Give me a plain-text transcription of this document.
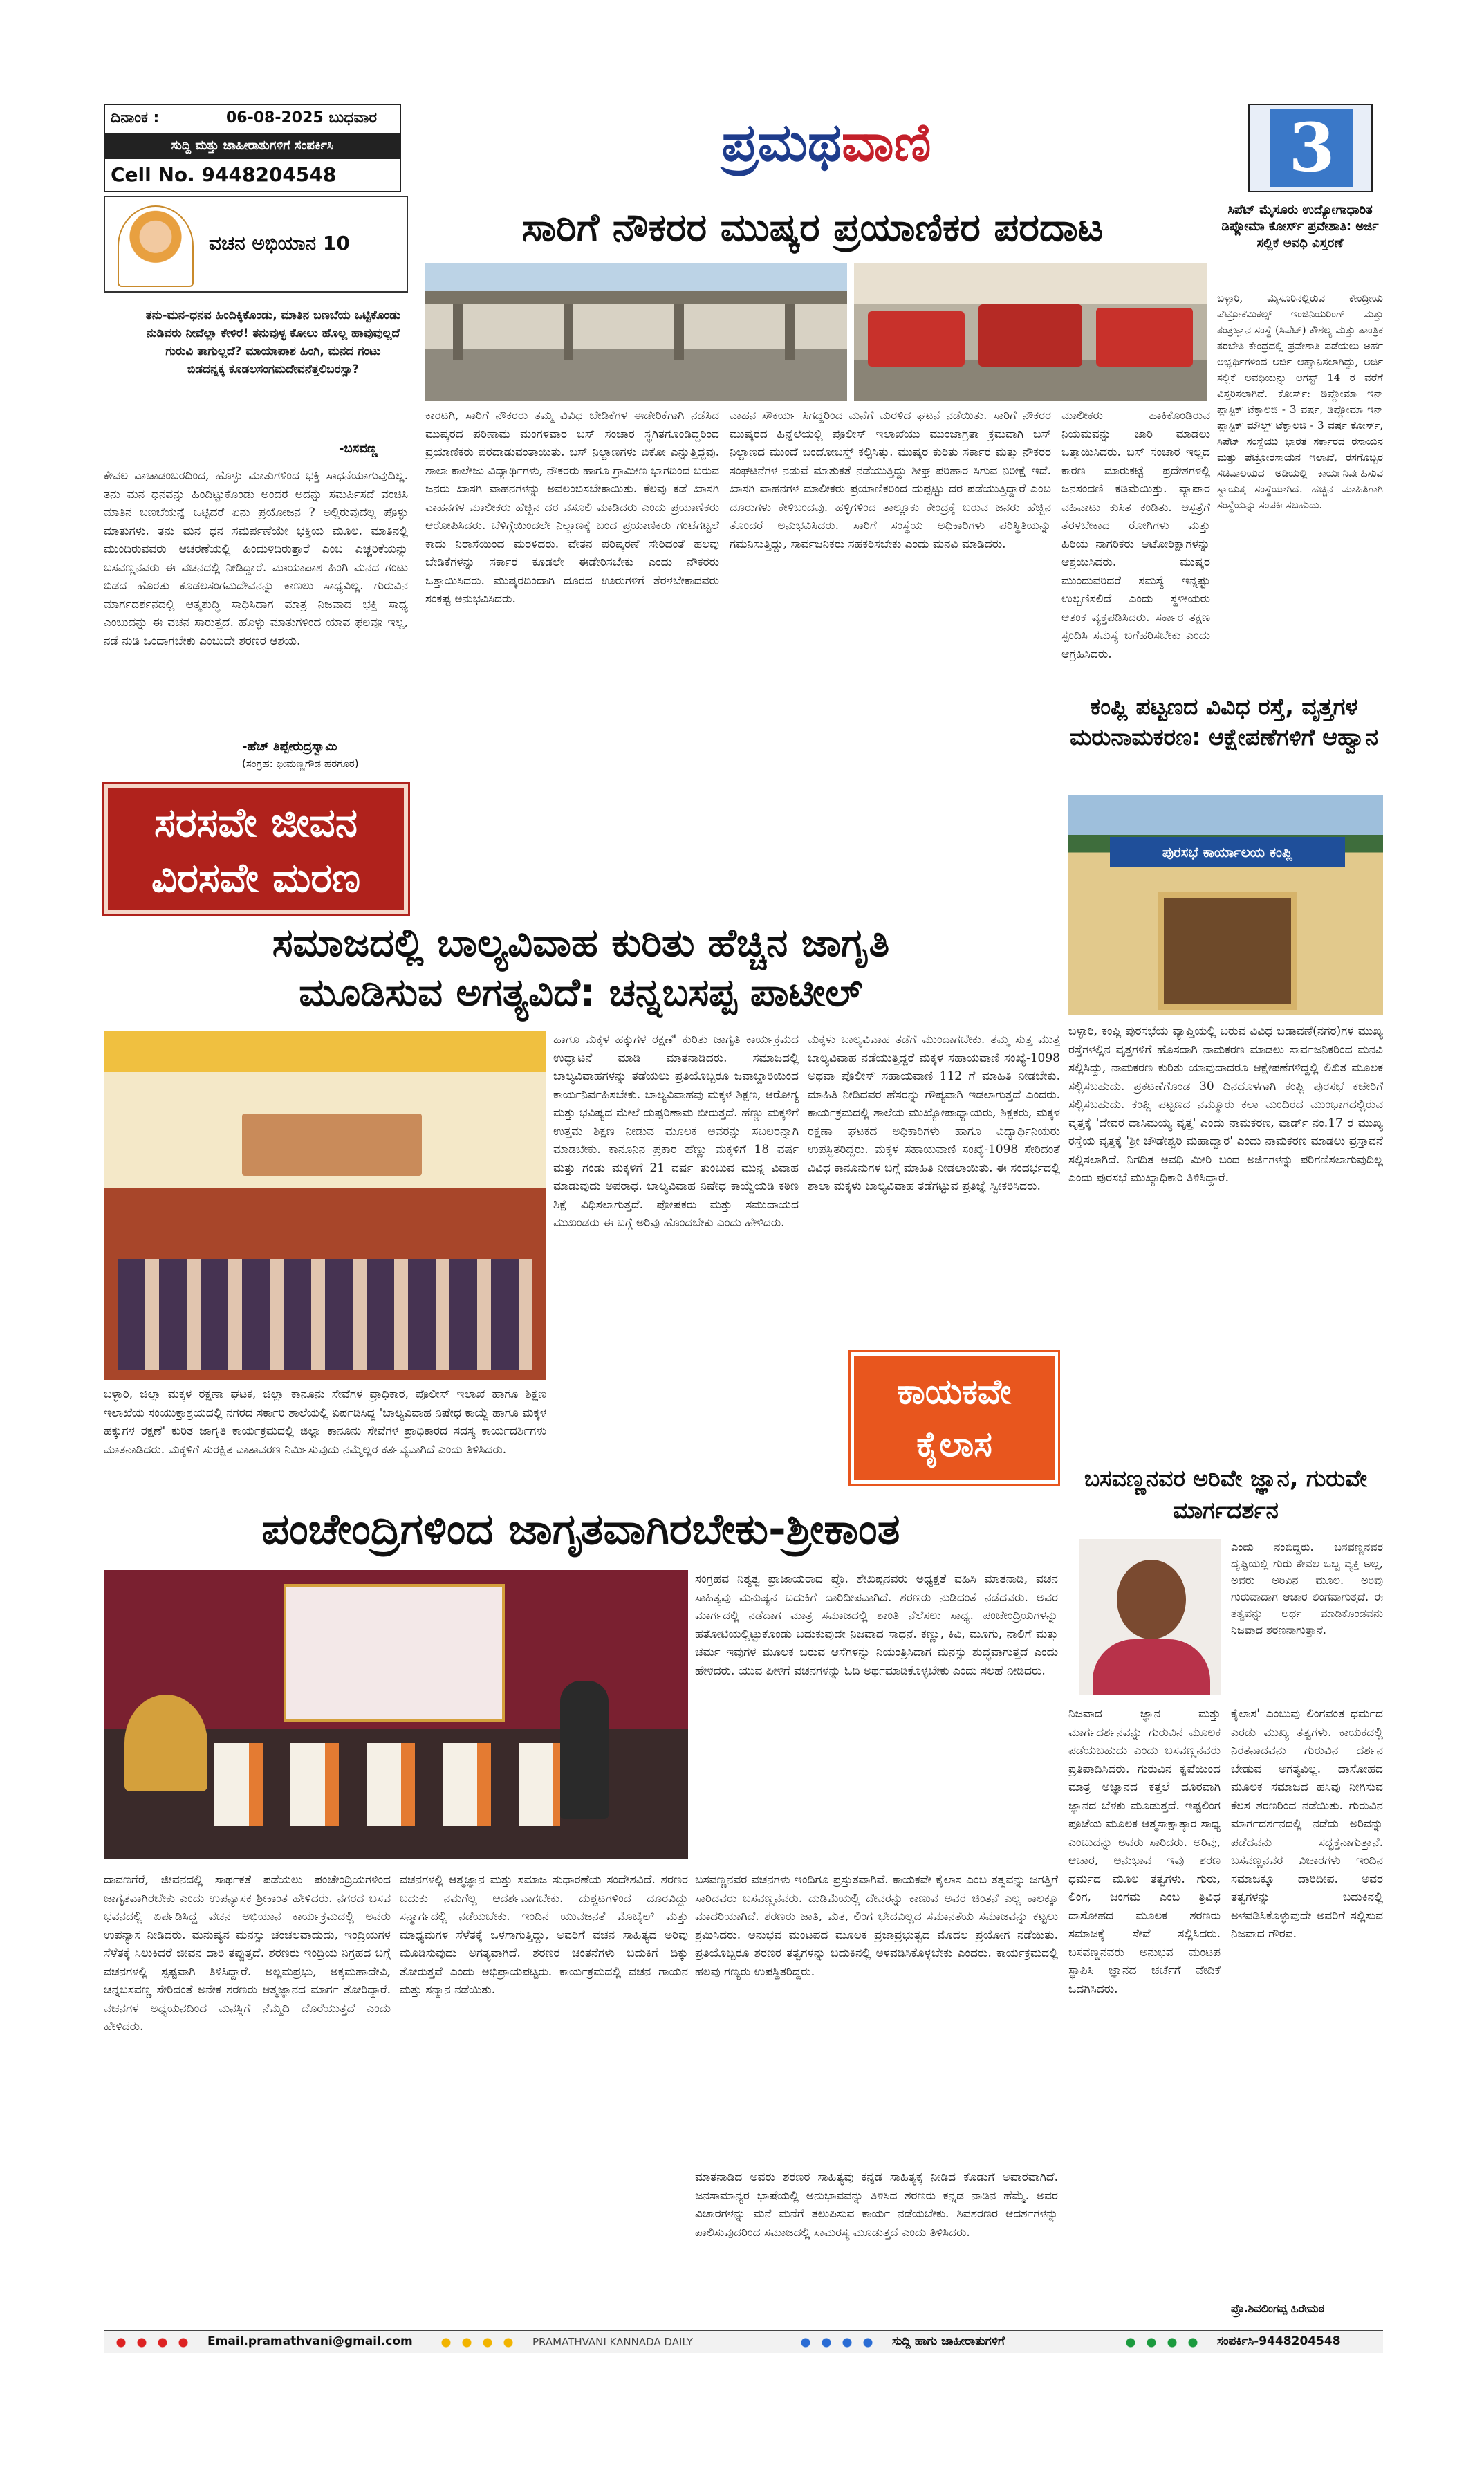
ದಿನಾಂಕ :	06-08-2025 ಬುಧವಾರ
ಸುದ್ದಿ ಮತ್ತು ಜಾಹೀರಾತುಗಳಿಗೆ ಸಂಪರ್ಕಿಸಿ
Cell No. 9448204548
ಪ್ರಮಥವಾಣಿ	3
ವಚನ ಅಭಿಯಾನ 10
ತನು-ಮನ-ಧನವ ಹಿಂದಿಕ್ಕಿಕೊಂಡು, ಮಾತಿನ ಬಣಬೆಯ ಒಟ್ಟಿಕೊಂಡು ನುಡಿವರು ನೀವೆಲ್ಲಾ ಕೇಳಿರೆ! ತನುವುಳ್ಳ ಕೋಲು ಹೊಲ್ಲ ಹಾವುವುಲ್ಲದೆ ಗುರುವಿ ತಾಗುಲ್ಲದೆ? ಮಾಯಾಪಾಶ ಹಿಂಗಿ, ಮನದ ಗಂಟು ಬಿಡದನ್ನಕ್ಕ ಕೂಡಲಸಂಗಮದೇವನೆತ್ತಲಿಬರಸ್ಸಾ?
-ಬಸವಣ್ಣ
ಕೇವಲ ವಾಚಾಡಂಬರದಿಂದ, ಹೊಳ್ಳು ಮಾತುಗಳಿಂದ ಭಕ್ತಿ ಸಾಧನೆಯಾಗುವುದಿಲ್ಲ. ತನು ಮನ ಧನವನ್ನು ಹಿಂದಿಟ್ಟುಕೊಂಡು ಅಂದರೆ ಅದನ್ನು ಸಮರ್ಪಿಸದೆ ವಂಚಿಸಿ ಮಾತಿನ ಬಣಬೆಯನ್ನೆ ಒಟ್ಟಿದರೆ ಏನು ಪ್ರಯೋಜನ ? ಅಲ್ಲಿರುವುದೆಲ್ಲ ಪೊಳ್ಳು ಮಾತುಗಳು. ತನು ಮನ ಧನ ಸಮರ್ಪಣೆಯೇ ಭಕ್ತಿಯ ಮೂಲ. ಮಾತಿನಲ್ಲಿ ಮುಂದಿರುವವರು ಆಚರಣೆಯಲ್ಲಿ ಹಿಂದುಳಿದಿರುತ್ತಾರೆ ಎಂಬ ಎಚ್ಚರಿಕೆಯನ್ನು ಬಸವಣ್ಣನವರು ಈ ವಚನದಲ್ಲಿ ನೀಡಿದ್ದಾರೆ. ಮಾಯಾಪಾಶ ಹಿಂಗಿ ಮನದ ಗಂಟು ಬಿಡದ ಹೊರತು ಕೂಡಲಸಂಗಮದೇವನನ್ನು ಕಾಣಲು ಸಾಧ್ಯವಿಲ್ಲ. ಗುರುವಿನ ಮಾರ್ಗದರ್ಶನದಲ್ಲಿ ಆತ್ಮಶುದ್ಧಿ ಸಾಧಿಸಿದಾಗ ಮಾತ್ರ ನಿಜವಾದ ಭಕ್ತಿ ಸಾಧ್ಯ ಎಂಬುದನ್ನು ಈ ವಚನ ಸಾರುತ್ತದೆ. ಹೊಳ್ಳು ಮಾತುಗಳಿಂದ ಯಾವ ಫಲವೂ ಇಲ್ಲ, ನಡೆ ನುಡಿ ಒಂದಾಗಬೇಕು ಎಂಬುದೇ ಶರಣರ ಆಶಯ.
-ಹೆಚ್ ತಿಪ್ಪೇರುದ್ರಸ್ವಾಮಿ
(ಸಂಗ್ರಹ: ಭೀಮಣ್ಣಗೌಡ ಹರಗೂರ)
ಸರಸವೇ ಜೀವನ
ವಿರಸವೇ ಮರಣ
ಸಾರಿಗೆ ನೌಕರರ ಮುಷ್ಕರ ಪ್ರಯಾಣಿಕರ ಪರದಾಟ
ಕಾರಟಗಿ, ಸಾರಿಗೆ ನೌಕರರು ತಮ್ಮ ವಿವಿಧ ಬೇಡಿಕೆಗಳ ಈಡೇರಿಕೆಗಾಗಿ ನಡೆಸಿದ ಮುಷ್ಕರದ ಪರಿಣಾಮ ಮಂಗಳವಾರ ಬಸ್ ಸಂಚಾರ ಸ್ಥಗಿತಗೊಂಡಿದ್ದರಿಂದ ಪ್ರಯಾಣಿಕರು ಪರದಾಡುವಂತಾಯಿತು. ಬಸ್ ನಿಲ್ದಾಣಗಳು ಬಿಕೋ ಎನ್ನುತ್ತಿದ್ದವು. ಶಾಲಾ ಕಾಲೇಜು ವಿದ್ಯಾರ್ಥಿಗಳು, ನೌಕರರು ಹಾಗೂ ಗ್ರಾಮೀಣ ಭಾಗದಿಂದ ಬರುವ ಜನರು ಖಾಸಗಿ ವಾಹನಗಳನ್ನು ಅವಲಂಬಿಸಬೇಕಾಯಿತು. ಕೆಲವು ಕಡೆ ಖಾಸಗಿ ವಾಹನಗಳ ಮಾಲೀಕರು ಹೆಚ್ಚಿನ ದರ ವಸೂಲಿ ಮಾಡಿದರು ಎಂದು ಪ್ರಯಾಣಿಕರು ಆರೋಪಿಸಿದರು. ಬೆಳಿಗ್ಗೆಯಿಂದಲೇ ನಿಲ್ದಾಣಕ್ಕೆ ಬಂದ ಪ್ರಯಾಣಿಕರು ಗಂಟೆಗಟ್ಟಲೆ ಕಾದು ನಿರಾಸೆಯಿಂದ ಮರಳಿದರು. ವೇತನ ಪರಿಷ್ಕರಣೆ ಸೇರಿದಂತೆ ಹಲವು ಬೇಡಿಕೆಗಳನ್ನು ಸರ್ಕಾರ ಕೂಡಲೇ ಈಡೇರಿಸಬೇಕು ಎಂದು ನೌಕರರು ಒತ್ತಾಯಿಸಿದರು. ಮುಷ್ಕರದಿಂದಾಗಿ ದೂರದ ಊರುಗಳಿಗೆ ತೆರಳಬೇಕಾದವರು ಸಂಕಷ್ಟ ಅನುಭವಿಸಿದರು.
ವಾಹನ ಸೌಕರ್ಯ ಸಿಗದ್ದರಿಂದ ಮನೆಗೆ ಮರಳಿದ ಘಟನೆ ನಡೆಯಿತು. ಸಾರಿಗೆ ನೌಕರರ ಮುಷ್ಕರದ ಹಿನ್ನೆಲೆಯಲ್ಲಿ ಪೊಲೀಸ್ ಇಲಾಖೆಯು ಮುಂಜಾಗ್ರತಾ ಕ್ರಮವಾಗಿ ಬಸ್ ನಿಲ್ದಾಣದ ಮುಂದೆ ಬಂದೋಬಸ್ತ್ ಕಲ್ಪಿಸಿತ್ತು. ಮುಷ್ಕರ ಕುರಿತು ಸರ್ಕಾರ ಮತ್ತು ನೌಕರರ ಸಂಘಟನೆಗಳ ನಡುವೆ ಮಾತುಕತೆ ನಡೆಯುತ್ತಿದ್ದು ಶೀಘ್ರ ಪರಿಹಾರ ಸಿಗುವ ನಿರೀಕ್ಷೆ ಇದೆ. ಖಾಸಗಿ ವಾಹನಗಳ ಮಾಲೀಕರು ಪ್ರಯಾಣಿಕರಿಂದ ದುಪ್ಪಟ್ಟು ದರ ಪಡೆಯುತ್ತಿದ್ದಾರೆ ಎಂಬ ದೂರುಗಳು ಕೇಳಿಬಂದವು. ಹಳ್ಳಿಗಳಿಂದ ತಾಲ್ಲೂಕು ಕೇಂದ್ರಕ್ಕೆ ಬರುವ ಜನರು ಹೆಚ್ಚಿನ ತೊಂದರೆ ಅನುಭವಿಸಿದರು. ಸಾರಿಗೆ ಸಂಸ್ಥೆಯ ಅಧಿಕಾರಿಗಳು ಪರಿಸ್ಥಿತಿಯನ್ನು ಗಮನಿಸುತ್ತಿದ್ದು, ಸಾರ್ವಜನಿಕರು ಸಹಕರಿಸಬೇಕು ಎಂದು ಮನವಿ ಮಾಡಿದರು.
ಮಾಲೀಕರು ಹಾಕಿಕೊಂಡಿರುವ ನಿಯಮವನ್ನು ಜಾರಿ ಮಾಡಲು ಒತ್ತಾಯಿಸಿದರು. ಬಸ್ ಸಂಚಾರ ಇಲ್ಲದ ಕಾರಣ ಮಾರುಕಟ್ಟೆ ಪ್ರದೇಶಗಳಲ್ಲಿ ಜನಸಂದಣಿ ಕಡಿಮೆಯಿತ್ತು. ವ್ಯಾಪಾರ ವಹಿವಾಟು ಕುಸಿತ ಕಂಡಿತು. ಆಸ್ಪತ್ರೆಗೆ ತೆರಳಬೇಕಾದ ರೋಗಿಗಳು ಮತ್ತು ಹಿರಿಯ ನಾಗರಿಕರು ಆಟೋರಿಕ್ಷಾಗಳನ್ನು ಆಶ್ರಯಿಸಿದರು. ಮುಷ್ಕರ ಮುಂದುವರಿದರೆ ಸಮಸ್ಯೆ ಇನ್ನಷ್ಟು ಉಲ್ಬಣಿಸಲಿದೆ ಎಂದು ಸ್ಥಳೀಯರು ಆತಂಕ ವ್ಯಕ್ತಪಡಿಸಿದರು. ಸರ್ಕಾರ ತಕ್ಷಣ ಸ್ಪಂದಿಸಿ ಸಮಸ್ಯೆ ಬಗೆಹರಿಸಬೇಕು ಎಂದು ಆಗ್ರಹಿಸಿದರು.
ಸಿಪೆಟ್ ಮೈಸೂರು ಉದ್ಯೋಗಾಧಾರಿತ ಡಿಪ್ಲೋಮಾ ಕೋರ್ಸ್ ಪ್ರವೇಶಾತಿ: ಅರ್ಜಿ ಸಲ್ಲಿಕೆ ಅವಧಿ ವಿಸ್ತರಣೆ
ಬಳ್ಳಾರಿ, ಮೈಸೂರಿನಲ್ಲಿರುವ ಕೇಂದ್ರೀಯ ಪೆಟ್ರೋಕೆಮಿಕಲ್ಸ್ ಇಂಜಿನಿಯರಿಂಗ್ ಮತ್ತು ತಂತ್ರಜ್ಞಾನ ಸಂಸ್ಥೆ (ಸಿಪೆಟ್) ಕೌಶಲ್ಯ ಮತ್ತು ತಾಂತ್ರಿಕ ತರಬೇತಿ ಕೇಂದ್ರದಲ್ಲಿ ಪ್ರವೇಶಾತಿ ಪಡೆಯಲು ಅರ್ಹ ಅಭ್ಯರ್ಥಿಗಳಿಂದ ಅರ್ಜಿ ಆಹ್ವಾನಿಸಲಾಗಿದ್ದು, ಅರ್ಜಿ ಸಲ್ಲಿಕೆ ಅವಧಿಯನ್ನು ಆಗಸ್ಟ್ 14 ರ ವರೆಗೆ ವಿಸ್ತರಿಸಲಾಗಿದೆ. ಕೋರ್ಸ್: ಡಿಪ್ಲೋಮಾ ಇನ್ ಪ್ಲಾಸ್ಟಿಕ್ ಟೆಕ್ನಾಲಜಿ - 3 ವರ್ಷ, ಡಿಪ್ಲೋಮಾ ಇನ್ ಪ್ಲಾಸ್ಟಿಕ್ ಮೌಲ್ಡ್ ಟೆಕ್ನಾಲಜಿ - 3 ವರ್ಷ ಕೋರ್ಸ್, ಸಿಪೆಟ್ ಸಂಸ್ಥೆಯು ಭಾರತ ಸರ್ಕಾರದ ರಸಾಯನ ಮತ್ತು ಪೆಟ್ರೋರಸಾಯನ ಇಲಾಖೆ, ರಸಗೊಬ್ಬರ ಸಚಿವಾಲಯದ ಅಡಿಯಲ್ಲಿ ಕಾರ್ಯನಿರ್ವಹಿಸುವ ಸ್ವಾಯತ್ತ ಸಂಸ್ಥೆಯಾಗಿದೆ. ಹೆಚ್ಚಿನ ಮಾಹಿತಿಗಾಗಿ ಸಂಸ್ಥೆಯನ್ನು ಸಂಪರ್ಕಿಸಬಹುದು.
ಕಂಪ್ಲಿ ಪಟ್ಟಣದ ವಿವಿಧ ರಸ್ತೆ, ವೃತ್ತಗಳ ಮರುನಾಮಕರಣ: ಆಕ್ಷೇಪಣೆಗಳಿಗೆ ಆಹ್ವಾನ
ಪುರಸಭೆ ಕಾರ್ಯಾಲಯ ಕಂಪ್ಲಿ
ಬಳ್ಳಾರಿ, ಕಂಪ್ಲಿ ಪುರಸಭೆಯ ವ್ಯಾಪ್ತಿಯಲ್ಲಿ ಬರುವ ವಿವಿಧ ಬಡಾವಣೆ(ನಗರ)ಗಳ ಮುಖ್ಯ ರಸ್ತೆಗಳಲ್ಲಿನ ವೃತ್ತಗಳಿಗೆ ಹೊಸದಾಗಿ ನಾಮಕರಣ ಮಾಡಲು ಸಾರ್ವಜನಿಕರಿಂದ ಮನವಿ ಸಲ್ಲಿಸಿದ್ದು, ನಾಮಕರಣ ಕುರಿತು ಯಾವುದಾದರೂ ಆಕ್ಷೇಪಣೆಗಳಿದ್ದಲ್ಲಿ ಲಿಖಿತ ಮೂಲಕ ಸಲ್ಲಿಸಬಹುದು. ಪ್ರಕಟಣೆಗೊಂಡ 30 ದಿನದೊಳಗಾಗಿ ಕಂಪ್ಲಿ ಪುರಸಭೆ ಕಚೇರಿಗೆ ಸಲ್ಲಿಸಬಹುದು. ಕಂಪ್ಲಿ ಪಟ್ಟಣದ ನಮ್ಮೂರು ಕಲಾ ಮಂದಿರದ ಮುಂಭಾಗದಲ್ಲಿರುವ ವೃತ್ತಕ್ಕೆ 'ದೇವರ ದಾಸಿಮಯ್ಯ ವೃತ್ತ' ಎಂದು ನಾಮಕರಣ, ವಾರ್ಡ್ ನಂ.17 ರ ಮುಖ್ಯ ರಸ್ತೆಯ ವೃತ್ತಕ್ಕೆ 'ಶ್ರೀ ಚೌಡೇಶ್ವರಿ ಮಹಾದ್ವಾರ' ಎಂದು ನಾಮಕರಣ ಮಾಡಲು ಪ್ರಸ್ತಾವನೆ ಸಲ್ಲಿಸಲಾಗಿದೆ. ನಿಗದಿತ ಅವಧಿ ಮೀರಿ ಬಂದ ಅರ್ಜಿಗಳನ್ನು ಪರಿಗಣಿಸಲಾಗುವುದಿಲ್ಲ ಎಂದು ಪುರಸಭೆ ಮುಖ್ಯಾಧಿಕಾರಿ ತಿಳಿಸಿದ್ದಾರೆ.
ಸಮಾಜದಲ್ಲಿ ಬಾಲ್ಯವಿವಾಹ ಕುರಿತು ಹೆಚ್ಚಿನ ಜಾಗೃತಿ
ಮೂಡಿಸುವ ಅಗತ್ಯವಿದೆ: ಚನ್ನಬಸಪ್ಪ ಪಾಟೀಲ್
ಹಾಗೂ ಮಕ್ಕಳ ಹಕ್ಕುಗಳ ರಕ್ಷಣೆ' ಕುರಿತು ಜಾಗೃತಿ ಕಾರ್ಯಕ್ರಮದ ಉದ್ಘಾಟನೆ ಮಾಡಿ ಮಾತನಾಡಿದರು. ಸಮಾಜದಲ್ಲಿ ಬಾಲ್ಯವಿವಾಹಗಳನ್ನು ತಡೆಯಲು ಪ್ರತಿಯೊಬ್ಬರೂ ಜವಾಬ್ದಾರಿಯಿಂದ ಕಾರ್ಯನಿರ್ವಹಿಸಬೇಕು. ಬಾಲ್ಯವಿವಾಹವು ಮಕ್ಕಳ ಶಿಕ್ಷಣ, ಆರೋಗ್ಯ ಮತ್ತು ಭವಿಷ್ಯದ ಮೇಲೆ ದುಷ್ಪರಿಣಾಮ ಬೀರುತ್ತದೆ. ಹೆಣ್ಣು ಮಕ್ಕಳಿಗೆ ಉತ್ತಮ ಶಿಕ್ಷಣ ನೀಡುವ ಮೂಲಕ ಅವರನ್ನು ಸಬಲರನ್ನಾಗಿ ಮಾಡಬೇಕು. ಕಾನೂನಿನ ಪ್ರಕಾರ ಹೆಣ್ಣು ಮಕ್ಕಳಿಗೆ 18 ವರ್ಷ ಮತ್ತು ಗಂಡು ಮಕ್ಕಳಿಗೆ 21 ವರ್ಷ ತುಂಬುವ ಮುನ್ನ ವಿವಾಹ ಮಾಡುವುದು ಅಪರಾಧ. ಬಾಲ್ಯವಿವಾಹ ನಿಷೇಧ ಕಾಯ್ದೆಯಡಿ ಕಠಿಣ ಶಿಕ್ಷೆ ವಿಧಿಸಲಾಗುತ್ತದೆ. ಪೋಷಕರು ಮತ್ತು ಸಮುದಾಯದ ಮುಖಂಡರು ಈ ಬಗ್ಗೆ ಅರಿವು ಹೊಂದಬೇಕು ಎಂದು ಹೇಳಿದರು.
ಮಕ್ಕಳು ಬಾಲ್ಯವಿವಾಹ ತಡೆಗೆ ಮುಂದಾಗಬೇಕು. ತಮ್ಮ ಸುತ್ತ ಮುತ್ತ ಬಾಲ್ಯವಿವಾಹ ನಡೆಯುತ್ತಿದ್ದರೆ ಮಕ್ಕಳ ಸಹಾಯವಾಣಿ ಸಂಖ್ಯೆ-1098 ಅಥವಾ ಪೊಲೀಸ್ ಸಹಾಯವಾಣಿ 112 ಗೆ ಮಾಹಿತಿ ನೀಡಬೇಕು. ಮಾಹಿತಿ ನೀಡಿದವರ ಹೆಸರನ್ನು ಗೌಪ್ಯವಾಗಿ ಇಡಲಾಗುತ್ತದೆ ಎಂದರು. ಕಾರ್ಯಕ್ರಮದಲ್ಲಿ ಶಾಲೆಯ ಮುಖ್ಯೋಪಾಧ್ಯಾಯರು, ಶಿಕ್ಷಕರು, ಮಕ್ಕಳ ರಕ್ಷಣಾ ಘಟಕದ ಅಧಿಕಾರಿಗಳು ಹಾಗೂ ವಿದ್ಯಾರ್ಥಿನಿಯರು ಉಪಸ್ಥಿತರಿದ್ದರು. ಮಕ್ಕಳ ಸಹಾಯವಾಣಿ ಸಂಖ್ಯೆ-1098 ಸೇರಿದಂತೆ ವಿವಿಧ ಕಾನೂನುಗಳ ಬಗ್ಗೆ ಮಾಹಿತಿ ನೀಡಲಾಯಿತು. ಈ ಸಂದರ್ಭದಲ್ಲಿ ಶಾಲಾ ಮಕ್ಕಳು ಬಾಲ್ಯವಿವಾಹ ತಡೆಗಟ್ಟುವ ಪ್ರತಿಜ್ಞೆ ಸ್ವೀಕರಿಸಿದರು.
ಬಳ್ಳಾರಿ, ಜಿಲ್ಲಾ ಮಕ್ಕಳ ರಕ್ಷಣಾ ಘಟಕ, ಜಿಲ್ಲಾ ಕಾನೂನು ಸೇವೆಗಳ ಪ್ರಾಧಿಕಾರ, ಪೊಲೀಸ್ ಇಲಾಖೆ ಹಾಗೂ ಶಿಕ್ಷಣ ಇಲಾಖೆಯ ಸಂಯುಕ್ತಾಶ್ರಯದಲ್ಲಿ ನಗರದ ಸರ್ಕಾರಿ ಶಾಲೆಯಲ್ಲಿ ಏರ್ಪಡಿಸಿದ್ದ 'ಬಾಲ್ಯವಿವಾಹ ನಿಷೇಧ ಕಾಯ್ದೆ ಹಾಗೂ ಮಕ್ಕಳ ಹಕ್ಕುಗಳ ರಕ್ಷಣೆ' ಕುರಿತ ಜಾಗೃತಿ ಕಾರ್ಯಕ್ರಮದಲ್ಲಿ ಜಿಲ್ಲಾ ಕಾನೂನು ಸೇವೆಗಳ ಪ್ರಾಧಿಕಾರದ ಸದಸ್ಯ ಕಾರ್ಯದರ್ಶಿಗಳು ಮಾತನಾಡಿದರು. ಮಕ್ಕಳಿಗೆ ಸುರಕ್ಷಿತ ವಾತಾವರಣ ನಿರ್ಮಿಸುವುದು ನಮ್ಮೆಲ್ಲರ ಕರ್ತವ್ಯವಾಗಿದೆ ಎಂದು ತಿಳಿಸಿದರು.
ಕಾಯಕವೇ
ಕೈಲಾಸ
ಪಂಚೇಂದ್ರಿಗಳಿಂದ ಜಾಗೃತವಾಗಿರಬೇಕು-ಶ್ರೀಕಾಂತ
ಸಂಗ್ರಹವ ನಿತ್ಯತ್ವ ಪ್ರಾಜಾಯರಾದ ಪ್ರೊ. ಶೇಖಪ್ಪನವರು ಅಧ್ಯಕ್ಷತೆ ವಹಿಸಿ ಮಾತನಾಡಿ, ವಚನ ಸಾಹಿತ್ಯವು ಮನುಷ್ಯನ ಬದುಕಿಗೆ ದಾರಿದೀಪವಾಗಿದೆ. ಶರಣರು ನುಡಿದಂತೆ ನಡೆದವರು. ಅವರ ಮಾರ್ಗದಲ್ಲಿ ನಡೆದಾಗ ಮಾತ್ರ ಸಮಾಜದಲ್ಲಿ ಶಾಂತಿ ನೆಲೆಸಲು ಸಾಧ್ಯ. ಪಂಚೇಂದ್ರಿಯಗಳನ್ನು ಹತೋಟಿಯಲ್ಲಿಟ್ಟುಕೊಂಡು ಬದುಕುವುದೇ ನಿಜವಾದ ಸಾಧನೆ. ಕಣ್ಣು, ಕಿವಿ, ಮೂಗು, ನಾಲಿಗೆ ಮತ್ತು ಚರ್ಮ ಇವುಗಳ ಮೂಲಕ ಬರುವ ಆಸೆಗಳನ್ನು ನಿಯಂತ್ರಿಸಿದಾಗ ಮನಸ್ಸು ಶುದ್ಧವಾಗುತ್ತದೆ ಎಂದು ಹೇಳಿದರು. ಯುವ ಪೀಳಿಗೆ ವಚನಗಳನ್ನು ಓದಿ ಅರ್ಥಮಾಡಿಕೊಳ್ಳಬೇಕು ಎಂದು ಸಲಹೆ ನೀಡಿದರು.
ದಾವಣಗೆರೆ, ಜೀವನದಲ್ಲಿ ಸಾರ್ಥಕತೆ ಪಡೆಯಲು ಪಂಚೇಂದ್ರಿಯಗಳಿಂದ ಜಾಗೃತವಾಗಿರಬೇಕು ಎಂದು ಉಪನ್ಯಾಸಕ ಶ್ರೀಕಾಂತ ಹೇಳಿದರು. ನಗರದ ಬಸವ ಭವನದಲ್ಲಿ ಏರ್ಪಡಿಸಿದ್ದ ವಚನ ಅಭಿಯಾನ ಕಾರ್ಯಕ್ರಮದಲ್ಲಿ ಅವರು ಉಪನ್ಯಾಸ ನೀಡಿದರು. ಮನುಷ್ಯನ ಮನಸ್ಸು ಚಂಚಲವಾದುದು, ಇಂದ್ರಿಯಗಳ ಸೆಳೆತಕ್ಕೆ ಸಿಲುಕಿದರೆ ಜೀವನ ದಾರಿ ತಪ್ಪುತ್ತದೆ. ಶರಣರು ಇಂದ್ರಿಯ ನಿಗ್ರಹದ ಬಗ್ಗೆ ವಚನಗಳಲ್ಲಿ ಸ್ಪಷ್ಟವಾಗಿ ತಿಳಿಸಿದ್ದಾರೆ. ಅಲ್ಲಮಪ್ರಭು, ಅಕ್ಕಮಹಾದೇವಿ, ಚನ್ನಬಸವಣ್ಣ ಸೇರಿದಂತೆ ಅನೇಕ ಶರಣರು ಆತ್ಮಜ್ಞಾನದ ಮಾರ್ಗ ತೋರಿದ್ದಾರೆ. ವಚನಗಳ ಅಧ್ಯಯನದಿಂದ ಮನಸ್ಸಿಗೆ ನೆಮ್ಮದಿ ದೊರೆಯುತ್ತದೆ ಎಂದು ಹೇಳಿದರು.
ವಚನಗಳಲ್ಲಿ ಆತ್ಮಜ್ಞಾನ ಮತ್ತು ಸಮಾಜ ಸುಧಾರಣೆಯ ಸಂದೇಶವಿದೆ. ಶರಣರ ಬದುಕು ನಮಗೆಲ್ಲ ಆದರ್ಶವಾಗಬೇಕು. ದುಶ್ಚಟಗಳಿಂದ ದೂರವಿದ್ದು ಸನ್ಮಾರ್ಗದಲ್ಲಿ ನಡೆಯಬೇಕು. ಇಂದಿನ ಯುವಜನತೆ ಮೊಬೈಲ್ ಮತ್ತು ಮಾಧ್ಯಮಗಳ ಸೆಳೆತಕ್ಕೆ ಒಳಗಾಗುತ್ತಿದ್ದು, ಅವರಿಗೆ ವಚನ ಸಾಹಿತ್ಯದ ಅರಿವು ಮೂಡಿಸುವುದು ಅಗತ್ಯವಾಗಿದೆ. ಶರಣರ ಚಿಂತನೆಗಳು ಬದುಕಿಗೆ ದಿಕ್ಕು ತೋರುತ್ತವೆ ಎಂದು ಅಭಿಪ್ರಾಯಪಟ್ಟರು. ಕಾರ್ಯಕ್ರಮದಲ್ಲಿ ವಚನ ಗಾಯನ ಮತ್ತು ಸನ್ಮಾನ ನಡೆಯಿತು.
ಬಸವಣ್ಣನವರ ವಚನಗಳು ಇಂದಿಗೂ ಪ್ರಸ್ತುತವಾಗಿವೆ. ಕಾಯಕವೇ ಕೈಲಾಸ ಎಂಬ ತತ್ವವನ್ನು ಜಗತ್ತಿಗೆ ಸಾರಿದವರು ಬಸವಣ್ಣನವರು. ದುಡಿಮೆಯಲ್ಲಿ ದೇವರನ್ನು ಕಾಣುವ ಅವರ ಚಿಂತನೆ ಎಲ್ಲ ಕಾಲಕ್ಕೂ ಮಾದರಿಯಾಗಿದೆ. ಶರಣರು ಜಾತಿ, ಮತ, ಲಿಂಗ ಭೇದವಿಲ್ಲದ ಸಮಾನತೆಯ ಸಮಾಜವನ್ನು ಕಟ್ಟಲು ಶ್ರಮಿಸಿದರು. ಅನುಭವ ಮಂಟಪದ ಮೂಲಕ ಪ್ರಜಾಪ್ರಭುತ್ವದ ಮೊದಲ ಪ್ರಯೋಗ ನಡೆಯಿತು. ಪ್ರತಿಯೊಬ್ಬರೂ ಶರಣರ ತತ್ವಗಳನ್ನು ಬದುಕಿನಲ್ಲಿ ಅಳವಡಿಸಿಕೊಳ್ಳಬೇಕು ಎಂದರು. ಕಾರ್ಯಕ್ರಮದಲ್ಲಿ ಹಲವು ಗಣ್ಯರು ಉಪಸ್ಥಿತರಿದ್ದರು.
ಮಾತನಾಡಿದ ಅವರು ಶರಣರ ಸಾಹಿತ್ಯವು ಕನ್ನಡ ಸಾಹಿತ್ಯಕ್ಕೆ ನೀಡಿದ ಕೊಡುಗೆ ಅಪಾರವಾಗಿದೆ. ಜನಸಾಮಾನ್ಯರ ಭಾಷೆಯಲ್ಲಿ ಅನುಭಾವವನ್ನು ತಿಳಿಸಿದ ಶರಣರು ಕನ್ನಡ ನಾಡಿನ ಹೆಮ್ಮೆ. ಅವರ ವಿಚಾರಗಳನ್ನು ಮನೆ ಮನೆಗೆ ತಲುಪಿಸುವ ಕಾರ್ಯ ನಡೆಯಬೇಕು. ಶಿವಶರಣರ ಆದರ್ಶಗಳನ್ನು ಪಾಲಿಸುವುದರಿಂದ ಸಮಾಜದಲ್ಲಿ ಸಾಮರಸ್ಯ ಮೂಡುತ್ತದೆ ಎಂದು ತಿಳಿಸಿದರು.
ಬಸವಣ್ಣನವರ ಅರಿವೇ ಜ್ಞಾನ, ಗುರುವೇ ಮಾರ್ಗದರ್ಶನ
ಎಂದು ನಂಬಿದ್ದರು. ಬಸವಣ್ಣನವರ ದೃಷ್ಟಿಯಲ್ಲಿ ಗುರು ಕೇವಲ ಒಬ್ಬ ವ್ಯಕ್ತಿ ಅಲ್ಲ, ಅವರು ಅರಿವಿನ ಮೂಲ. ಅರಿವು ಗುರುವಾದಾಗ ಆಚಾರ ಲಿಂಗವಾಗುತ್ತದೆ. ಈ ತತ್ವವನ್ನು ಅರ್ಥ ಮಾಡಿಕೊಂಡವನು ನಿಜವಾದ ಶರಣನಾಗುತ್ತಾನೆ.
ನಿಜವಾದ ಜ್ಞಾನ ಮತ್ತು ಮಾರ್ಗದರ್ಶನವನ್ನು ಗುರುವಿನ ಮೂಲಕ ಪಡೆಯಬಹುದು ಎಂದು ಬಸವಣ್ಣನವರು ಪ್ರತಿಪಾದಿಸಿದರು. ಗುರುವಿನ ಕೃಪೆಯಿಂದ ಮಾತ್ರ ಅಜ್ಞಾನದ ಕತ್ತಲೆ ದೂರವಾಗಿ ಜ್ಞಾನದ ಬೆಳಕು ಮೂಡುತ್ತದೆ. ಇಷ್ಟಲಿಂಗ ಪೂಜೆಯ ಮೂಲಕ ಆತ್ಮಸಾಕ್ಷಾತ್ಕಾರ ಸಾಧ್ಯ ಎಂಬುದನ್ನು ಅವರು ಸಾರಿದರು. ಅರಿವು, ಆಚಾರ, ಅನುಭಾವ ಇವು ಶರಣ ಧರ್ಮದ ಮೂಲ ತತ್ವಗಳು. ಗುರು, ಲಿಂಗ, ಜಂಗಮ ಎಂಬ ತ್ರಿವಿಧ ದಾಸೋಹದ ಮೂಲಕ ಶರಣರು ಸಮಾಜಕ್ಕೆ ಸೇವೆ ಸಲ್ಲಿಸಿದರು. ಬಸವಣ್ಣನವರು ಅನುಭವ ಮಂಟಪ ಸ್ಥಾಪಿಸಿ ಜ್ಞಾನದ ಚರ್ಚೆಗೆ ವೇದಿಕೆ ಒದಗಿಸಿದರು.
ಕೈಲಾಸ' ಎಂಬುವು ಲಿಂಗವಂತ ಧರ್ಮದ ಎರಡು ಮುಖ್ಯ ತತ್ವಗಳು. ಕಾಯಕದಲ್ಲಿ ನಿರತನಾದವನು ಗುರುವಿನ ದರ್ಶನ ಬೇಡುವ ಅಗತ್ಯವಿಲ್ಲ. ದಾಸೋಹದ ಮೂಲಕ ಸಮಾಜದ ಹಸಿವು ನೀಗಿಸುವ ಕೆಲಸ ಶರಣರಿಂದ ನಡೆಯಿತು. ಗುರುವಿನ ಮಾರ್ಗದರ್ಶನದಲ್ಲಿ ನಡೆದು ಅರಿವನ್ನು ಪಡೆದವನು ಸದ್ಭಕ್ತನಾಗುತ್ತಾನೆ. ಬಸವಣ್ಣನವರ ವಿಚಾರಗಳು ಇಂದಿನ ಸಮಾಜಕ್ಕೂ ದಾರಿದೀಪ. ಅವರ ತತ್ವಗಳನ್ನು ಬದುಕಿನಲ್ಲಿ ಅಳವಡಿಸಿಕೊಳ್ಳುವುದೇ ಅವರಿಗೆ ಸಲ್ಲಿಸುವ ನಿಜವಾದ ಗೌರವ.
ಪ್ರೊ.ಶಿವಲಿಂಗಪ್ಪ ಹಿರೇಮಠ
Email.pramathvani@gmail.com	PRAMATHVANI KANNADA DAILY	ಸುದ್ದಿ ಹಾಗು ಜಾಹೀರಾತುಗಳಿಗೆ	ಸಂಪರ್ಕಿಸಿ-9448204548
